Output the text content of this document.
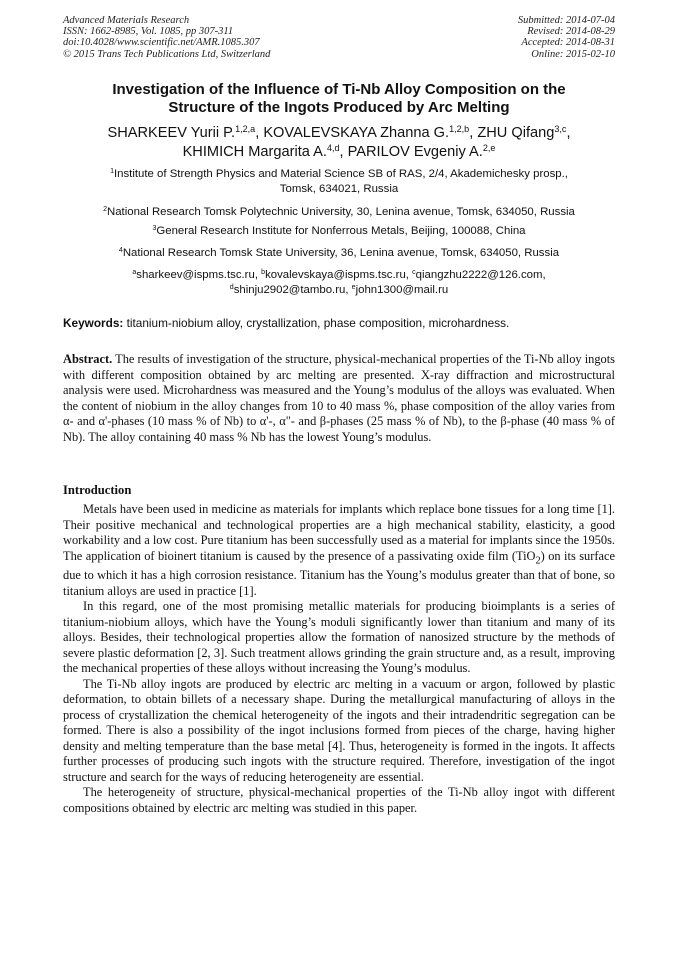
Advanced Materials Research
ISSN: 1662-8985, Vol. 1085, pp 307-311
doi:10.4028/www.scientific.net/AMR.1085.307
© 2015 Trans Tech Publications Ltd, Switzerland
Submitted: 2014-07-04
Revised: 2014-08-29
Accepted: 2014-08-31
Online: 2015-02-10
Investigation of the Influence of Ti-Nb Alloy Composition on the
Structure of the Ingots Produced by Arc Melting
SHARKEEV Yurii P.$^{1,2,a}$, KOVALEVSKAYA Zhanna G.$^{1,2,b}$, ZHU Qifang$^{3,c}$,
KHIMICH Margarita A.$^{4,d}$, PARILOV Evgeniy A.$^{2,e}$
$^1$Institute of Strength Physics and Material Science SB of RAS, 2/4, Akademichesky prosp.,
Tomsk, 634021, Russia
$^2$National Research Tomsk Polytechnic University, 30, Lenina avenue, Tomsk, 634050, Russia
$^3$General Research Institute for Nonferrous Metals, Beijing, 100088, China
$^4$National Research Tomsk State University, 36, Lenina avenue, Tomsk, 634050, Russia
$^a$sharkeev@ispms.tsc.ru, $^b$kovalevskaya@ispms.tsc.ru, $^c$qiangzhu2222@126.com,
$^d$shinju2902@tambo.ru, $^e$john1300@mail.ru
Keywords: titanium-niobium alloy, crystallization, phase composition, microhardness.
Abstract. The results of investigation of the structure, physical-mechanical properties of the Ti-Nb alloy ingots with different composition obtained by arc melting are presented. X-ray diffraction and microstructural analysis were used. Microhardness was measured and the Young’s modulus of the alloys was evaluated. When the content of niobium in the alloy changes from 10 to 40 mass %, phase composition of the alloy varies from α- and α'-phases (10 mass % of Nb) to α'-, α"- and β-phases (25 mass % of Nb), to the β-phase (40 mass % of Nb). The alloy containing 40 mass % Nb has the lowest Young’s modulus.
Introduction

Metals have been used in medicine as materials for implants which replace bone tissues for a long time [1]. Their positive mechanical and technological properties are a high mechanical stability, elasticity, a good workability and a low cost. Pure titanium has been successfully used as a material for implants since the 1950s. The application of bioinert titanium is caused by the presence of a passivating oxide film (TiO$_2$) on its surface due to which it has a high corrosion resistance. Titanium has the Young’s modulus greater than that of bone, so titanium alloys are used in practice [1].

In this regard, one of the most promising metallic materials for producing bioimplants is a series of titanium-niobium alloys, which have the Young’s moduli significantly lower than titanium and many of its alloys. Besides, their technological properties allow the formation of nanosized structure by the methods of severe plastic deformation [2, 3]. Such treatment allows grinding the grain structure and, as a result, improving the mechanical properties of these alloys without increasing the Young’s modulus.

The Ti-Nb alloy ingots are produced by electric arc melting in a vacuum or argon, followed by plastic deformation, to obtain billets of a necessary shape. During the metallurgical manufacturing of alloys in the process of crystallization the chemical heterogeneity of the ingots and their intradendritic segregation can be formed. There is also a possibility of the ingot inclusions formed from pieces of the charge, having higher density and melting temperature than the base metal [4]. Thus, heterogeneity is formed in the ingots. It affects further processes of producing such ingots with the structure required. Therefore, investigation of the ingot structure and search for the ways of reducing heterogeneity are essential.

The heterogeneity of structure, physical-mechanical properties of the Ti-Nb alloy ingot with different compositions obtained by electric arc melting was studied in this paper.
